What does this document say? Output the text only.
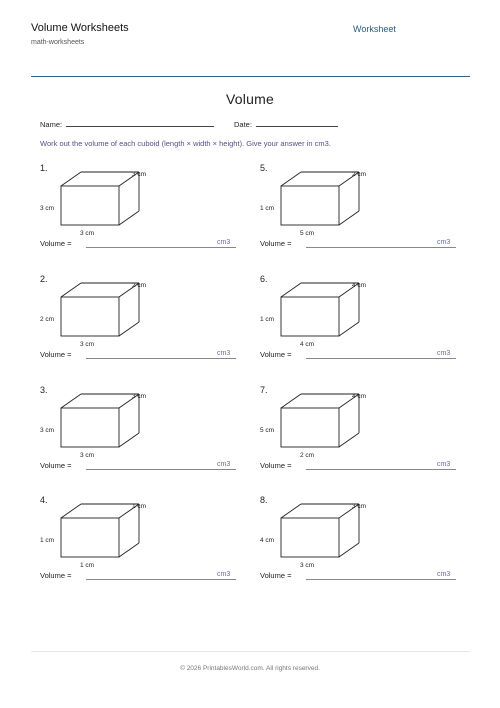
Volume Worksheets
math-worksheets
Worksheet
Volume
Name:	Date:
Work out the volume of each cuboid (length × width × height). Give your answer in cm3.
1.
3 cm
3 cm
3 cm
Volume =	cm3
2.
2 cm
2 cm
3 cm
Volume =	cm3
3.
3 cm
3 cm
3 cm
Volume =	cm3
4.
1 cm
1 cm
1 cm
Volume =	cm3
5.
2 cm
1 cm
5 cm
Volume =	cm3
6.
4 cm
1 cm
4 cm
Volume =	cm3
7.
4 cm
5 cm
2 cm
Volume =	cm3
8.
3 cm
4 cm
3 cm
Volume =	cm3
© 2026 PrintablesWorld.com. All rights reserved.
